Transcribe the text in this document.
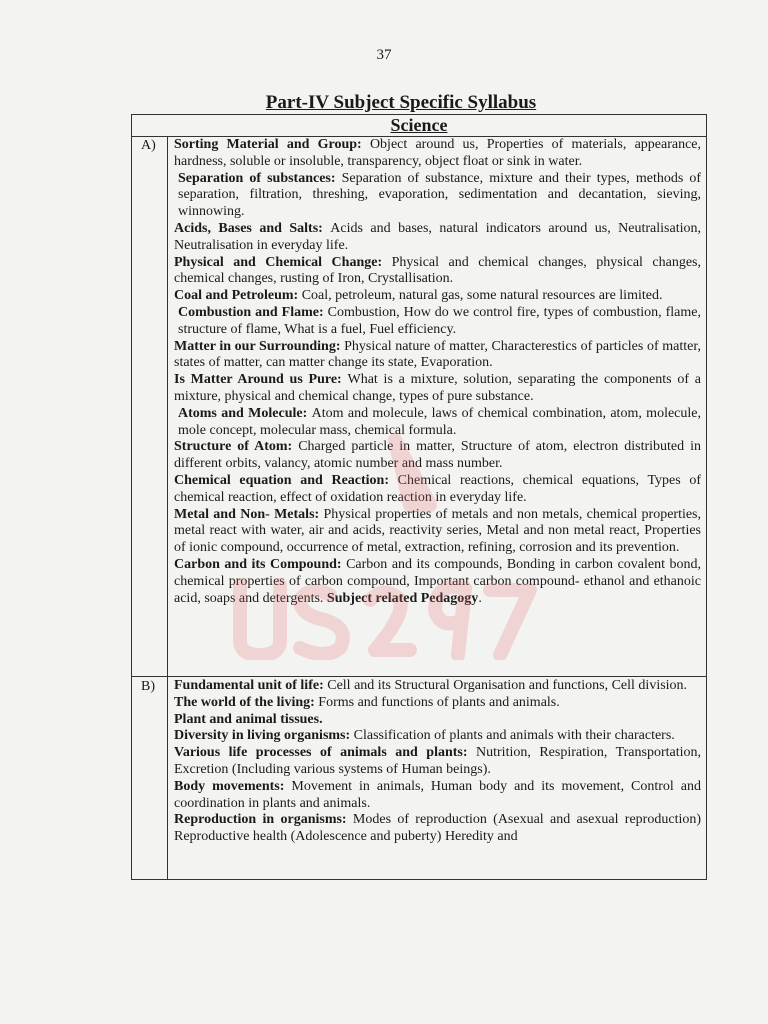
37
Part-IV Subject Specific Syllabus
Science
A)	Sorting Material and Group: Object around us, Properties of materials, appearance, hardness, soluble or insoluble, transparency, object float or sink in water.

Separation of substances: Separation of substance, mixture and their types, methods of separation, filtration, threshing, evaporation, sedimentation and decantation, sieving, winnowing.

Acids, Bases and Salts: Acids and bases, natural indicators around us, Neutralisation, Neutralisation in everyday life.

Physical and Chemical Change: Physical and chemical changes, physical changes, chemical changes, rusting of Iron, Crystallisation.

Coal and Petroleum: Coal, petroleum, natural gas, some natural resources are limited.

Combustion and Flame: Combustion, How do we control fire, types of combustion, flame, structure of flame, What is a fuel, Fuel efficiency.

Matter in our Surrounding: Physical nature of matter, Characterestics of particles of matter, states of matter, can matter change its state, Evaporation.

Is Matter Around us Pure: What is a mixture, solution, separating the components of a mixture, physical and chemical change, types of pure substance.

Atoms and Molecule: Atom and molecule, laws of chemical combination, atom, molecule, mole concept, molecular mass, chemical formula.

Structure of Atom: Charged particle in matter, Structure of atom, electron distributed in different orbits, valancy, atomic number and mass number.

Chemical equation and Reaction: Chemical reactions, chemical equations, Types of chemical reaction, effect of oxidation reaction in everyday life.

Metal and Non- Metals: Physical properties of metals and non metals, chemical properties, metal react with water, air and acids, reactivity series, Metal and non metal react, Properties of ionic compound, occurrence of metal, extraction, refining, corrosion and its prevention.

Carbon and its Compound: Carbon and its compounds, Bonding in carbon covalent bond, chemical properties of carbon compound, Important carbon compound- ethanol and ethanoic acid, soaps and detergents. Subject related Pedagogy.

B)	Fundamental unit of life: Cell and its Structural Organisation and functions, Cell division.

The world of the living: Forms and functions of plants and animals.

Plant and animal tissues.

Diversity in living organisms: Classification of plants and animals with their characters.

Various life processes of animals and plants: Nutrition, Respiration, Transportation, Excretion (Including various systems of Human beings).

Body movements: Movement in animals, Human body and its movement, Control and coordination in plants and animals.

Reproduction in organisms: Modes of reproduction (Asexual and asexual reproduction) Reproductive health (Adolescence and puberty) Heredity and
